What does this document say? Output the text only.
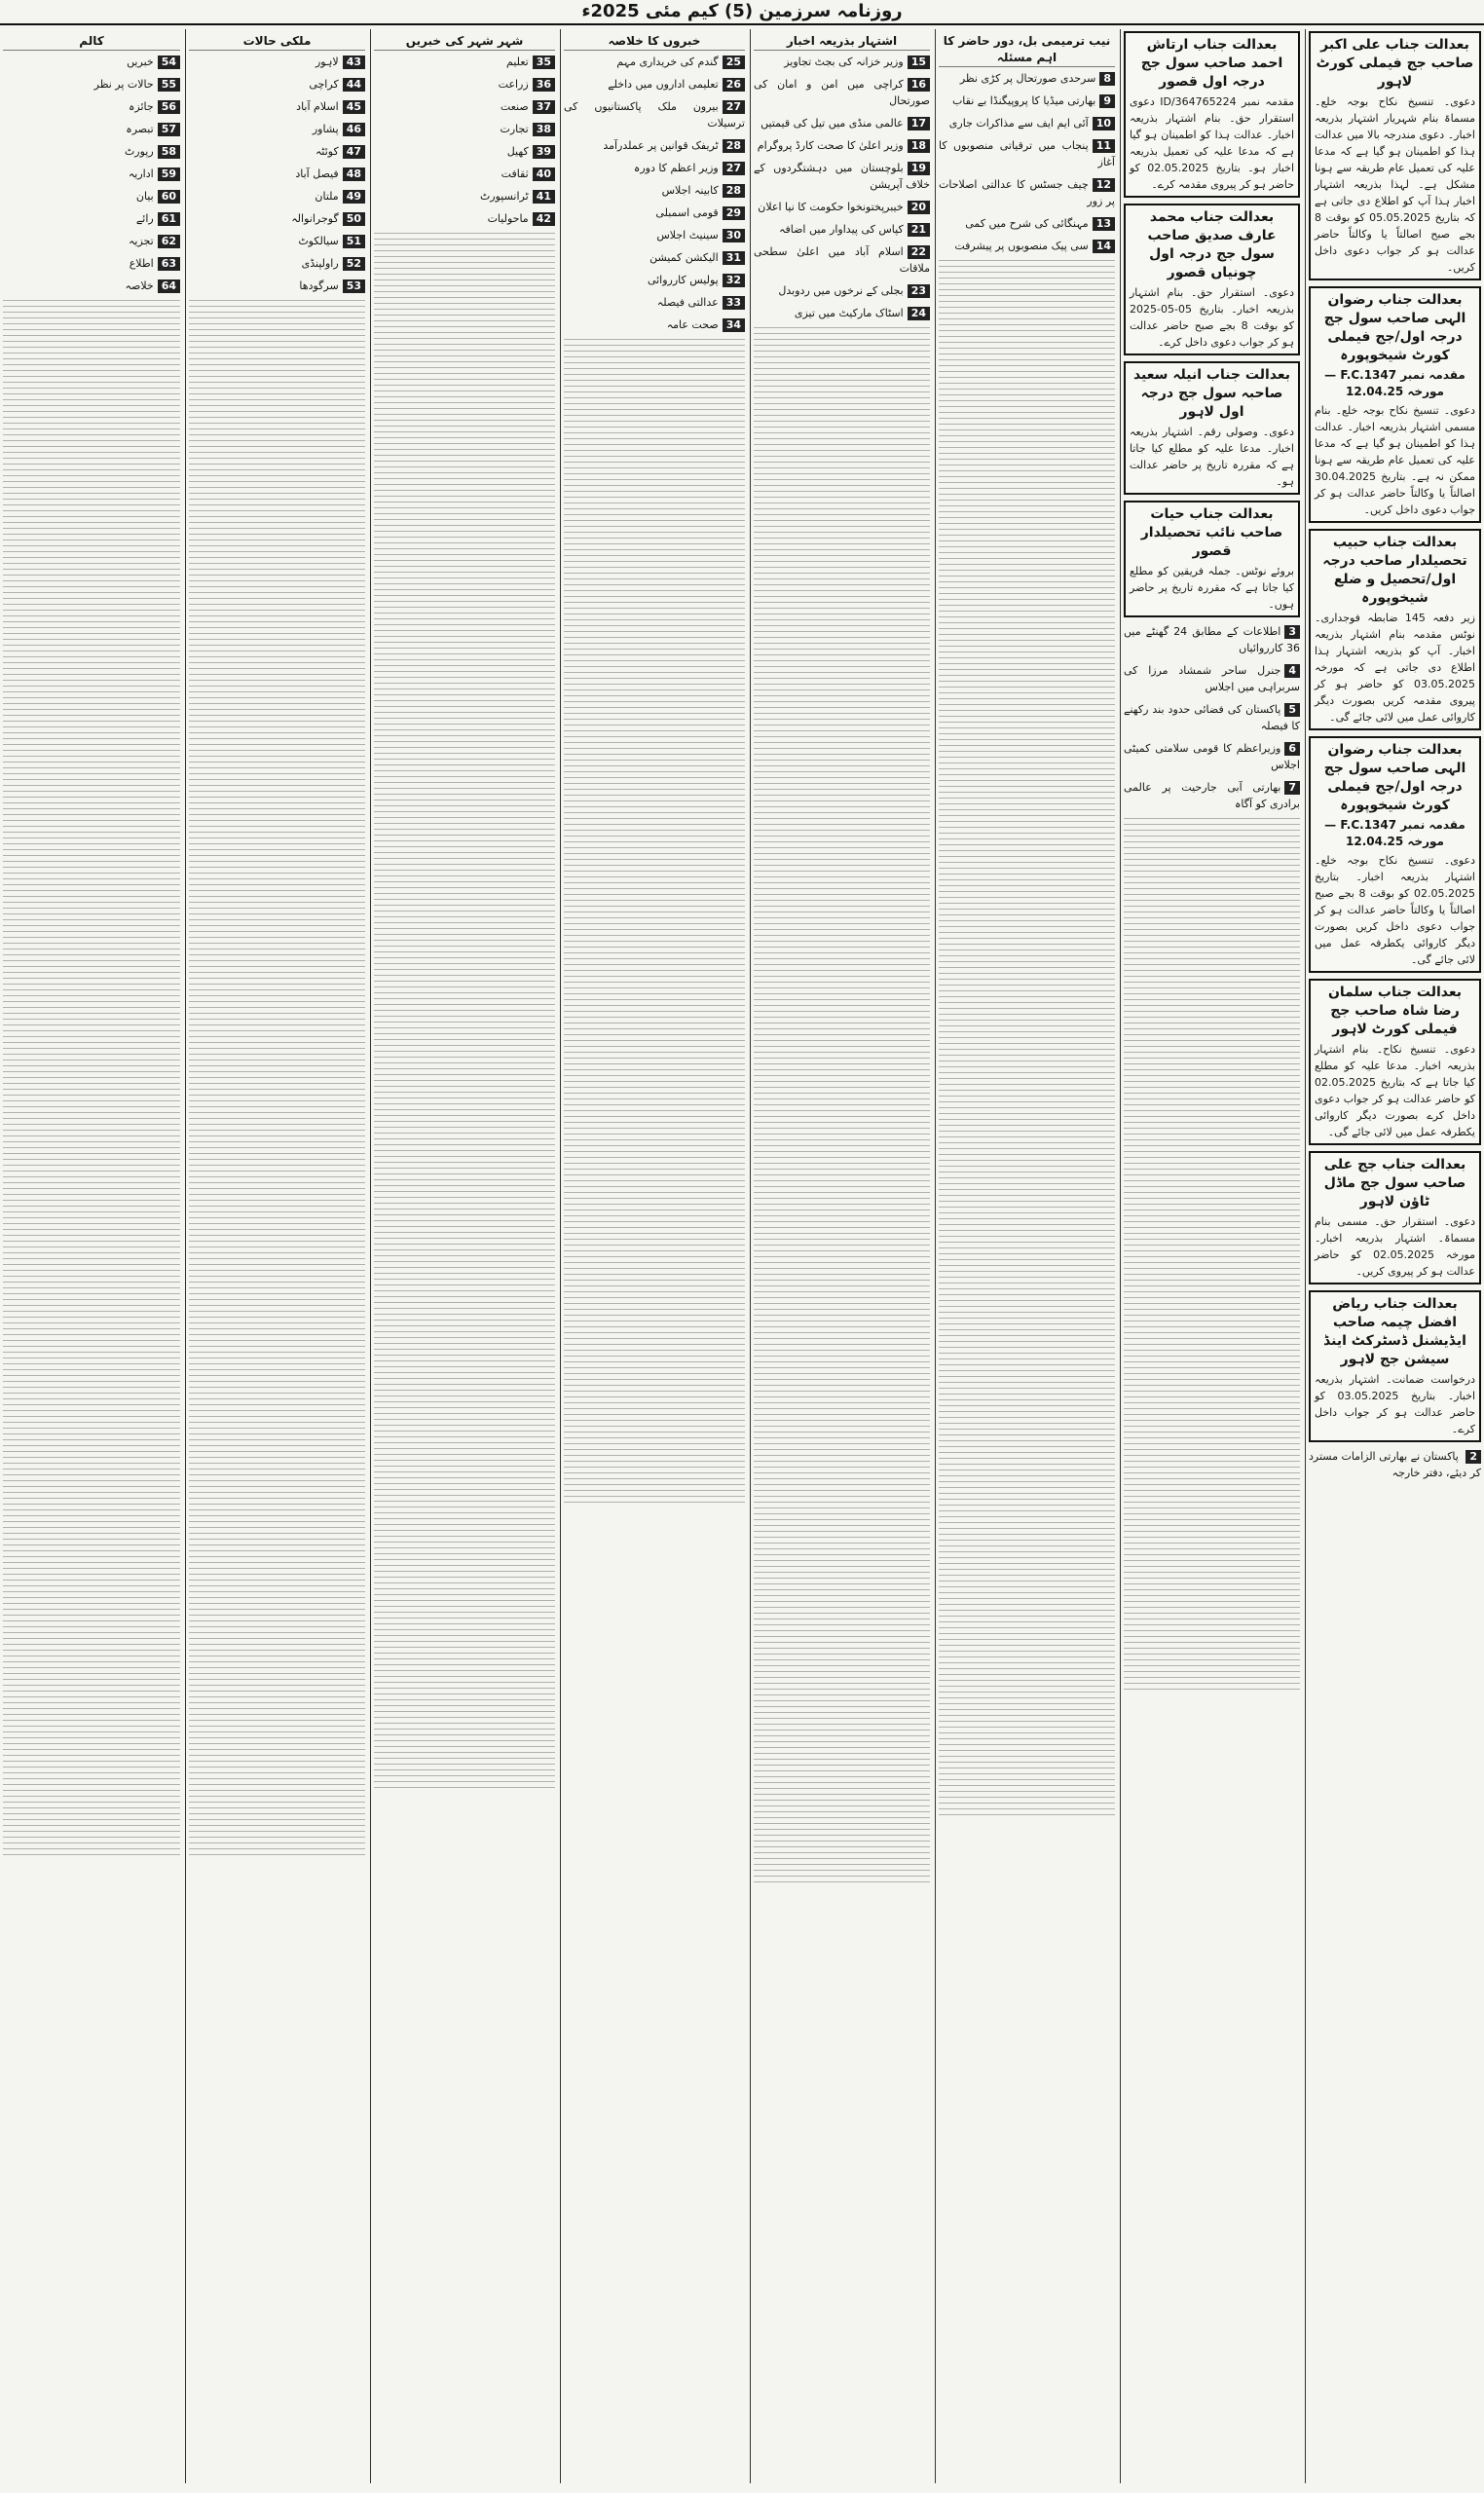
روزنامہ سرزمین (5) کیم مئی 2025ء
بعدالت جناب علی اکبر صاحب جج فیملی کورٹ لاہور
دعوی۔ تنسیخ نکاح بوجہ خلع۔ مسماۃ بنام شہریار اشتہار بذریعہ اخبار۔ دعوی مندرجہ بالا میں عدالت ہذا کو اطمینان ہو گیا ہے کہ مدعا علیہ کی تعمیل عام طریقہ سے ہونا مشکل ہے۔ لہذا بذریعہ اشتہار اخبار ہذا آپ کو اطلاع دی جاتی ہے کہ بتاریخ 05.05.2025 کو بوقت 8 بجے صبح اصالتاً یا وکالتاً حاضر عدالت ہو کر جواب دعوی داخل کریں۔
بعدالت جناب رضوان الہی صاحب سول جج درجہ اول/جج فیملی کورٹ شیخوپورہ
مقدمہ نمبر F.C.1347 — مورخہ 12.04.25
دعوی۔ تنسیخ نکاح بوجہ خلع۔ بنام مسمی اشتہار بذریعہ اخبار۔ عدالت ہذا کو اطمینان ہو گیا ہے کہ مدعا علیہ کی تعمیل عام طریقہ سے ہونا ممکن نہ ہے۔ بتاریخ 30.04.2025 اصالتاً یا وکالتاً حاضر عدالت ہو کر جواب دعوی داخل کریں۔
بعدالت جناب حبیب تحصیلدار صاحب درجہ اول/تحصیل و ضلع شیخوپورہ
زیر دفعہ 145 ضابطہ فوجداری۔ نوٹس مقدمہ بنام اشتہار بذریعہ اخبار۔ آپ کو بذریعہ اشتہار ہذا اطلاع دی جاتی ہے کہ مورخہ 03.05.2025 کو حاضر ہو کر پیروی مقدمہ کریں بصورت دیگر کاروائی عمل میں لائی جائے گی۔
بعدالت جناب رضوان الہی صاحب سول جج درجہ اول/جج فیملی کورٹ شیخوپورہ
مقدمہ نمبر F.C.1347 — مورخہ 12.04.25
دعوی۔ تنسیخ نکاح بوجہ خلع۔ اشتہار بذریعہ اخبار۔ بتاریخ 02.05.2025 کو بوقت 8 بجے صبح اصالتاً یا وکالتاً حاضر عدالت ہو کر جواب دعوی داخل کریں بصورت دیگر کاروائی یکطرفہ عمل میں لائی جائے گی۔
بعدالت جناب سلمان رضا شاہ صاحب جج فیملی کورٹ لاہور
دعوی۔ تنسیخ نکاح۔ بنام اشتہار بذریعہ اخبار۔ مدعا علیہ کو مطلع کیا جاتا ہے کہ بتاریخ 02.05.2025 کو حاضر عدالت ہو کر جواب دعوی داخل کرے بصورت دیگر کاروائی یکطرفہ عمل میں لائی جائے گی۔
بعدالت جناب جج علی صاحب سول جج ماڈل ٹاؤن لاہور
دعوی۔ استقرار حق۔ مسمی بنام مسماۃ۔ اشتہار بذریعہ اخبار۔ مورخہ 02.05.2025 کو حاضر عدالت ہو کر پیروی کریں۔
بعدالت جناب ریاض افضل چیمہ صاحب ایڈیشنل ڈسٹرکٹ اینڈ سیشن جج لاہور
درخواست ضمانت۔ اشتہار بذریعہ اخبار۔ بتاریخ 03.05.2025 کو حاضر عدالت ہو کر جواب داخل کرے۔
2 پاکستان نے بھارتی الزامات مسترد کر دیئے، دفتر خارجہ
بعدالت جناب ارتاش احمد صاحب سول جج درجہ اول قصور
مقدمہ نمبر 364765224/ID دعوی استقرار حق۔ بنام اشتہار بذریعہ اخبار۔ عدالت ہذا کو اطمینان ہو گیا ہے کہ مدعا علیہ کی تعمیل بذریعہ اخبار ہو۔ بتاریخ 02.05.2025 کو حاضر ہو کر پیروی مقدمہ کرے۔
بعدالت جناب محمد عارف صدیق صاحب سول جج درجہ اول چونیاں قصور
دعوی۔ استقرار حق۔ بنام اشتہار بذریعہ اخبار۔ بتاریخ 05-05-2025 کو بوقت 8 بجے صبح حاضر عدالت ہو کر جواب دعوی داخل کرے۔
بعدالت جناب انیلہ سعید صاحبہ سول جج درجہ اول لاہور
دعوی۔ وصولی رقم۔ اشتہار بذریعہ اخبار۔ مدعا علیہ کو مطلع کیا جاتا ہے کہ مقررہ تاریخ پر حاضر عدالت ہو۔
بعدالت جناب حیات صاحب نائب تحصیلدار قصور
بروئے نوٹس۔ جملہ فریقین کو مطلع کیا جاتا ہے کہ مقررہ تاریخ پر حاضر ہوں۔
3اطلاعات کے مطابق 24 گھنٹے میں 36 کارروائیاں
4جنرل ساحر شمشاد مرزا کی سربراہی میں اجلاس
5پاکستان کی فضائی حدود بند رکھنے کا فیصلہ
6وزیراعظم کا قومی سلامتی کمیٹی اجلاس
7بھارتی آبی جارحیت پر عالمی برادری کو آگاہ
نیب ترمیمی بل، دور حاضر کا اہم مسئلہ
8سرحدی صورتحال پر کڑی نظر
9بھارتی میڈیا کا پروپیگنڈا بے نقاب
10آئی ایم ایف سے مذاکرات جاری
11پنجاب میں ترقیاتی منصوبوں کا آغاز
12چیف جسٹس کا عدالتی اصلاحات پر زور
13مہنگائی کی شرح میں کمی
14سی پیک منصوبوں پر پیشرفت
اشتہار بذریعہ اخبار
15وزیر خزانہ کی بجٹ تجاویز
16کراچی میں امن و امان کی صورتحال
17عالمی منڈی میں تیل کی قیمتیں
18وزیر اعلیٰ کا صحت کارڈ پروگرام
19بلوچستان میں دہشتگردوں کے خلاف آپریشن
20خیبرپختونخوا حکومت کا نیا اعلان
21کپاس کی پیداوار میں اضافہ
22اسلام آباد میں اعلیٰ سطحی ملاقات
23بجلی کے نرخوں میں ردوبدل
24اسٹاک مارکیٹ میں تیزی
خبروں کا خلاصہ
25گندم کی خریداری مہم
26تعلیمی اداروں میں داخلے
27بیرون ملک پاکستانیوں کی ترسیلات
28ٹریفک قوانین پر عملدرآمد
27وزیر اعظم کا دورہ
28کابینہ اجلاس
29قومی اسمبلی
30سینیٹ اجلاس
31الیکشن کمیشن
32پولیس کارروائی
33عدالتی فیصلہ
34صحت عامہ
شہر شہر کی خبریں
35تعلیم
36زراعت
37صنعت
38تجارت
39کھیل
40ثقافت
41ٹرانسپورٹ
42ماحولیات
ملکی حالات
43لاہور
44کراچی
45اسلام آباد
46پشاور
47کوئٹہ
48فیصل آباد
49ملتان
50گوجرانوالہ
51سیالکوٹ
52راولپنڈی
53سرگودھا
کالم
54خبریں
55حالات پر نظر
56جائزہ
57تبصرہ
58رپورٹ
59اداریہ
60بیان
61رائے
62تجزیہ
63اطلاع
64خلاصہ
